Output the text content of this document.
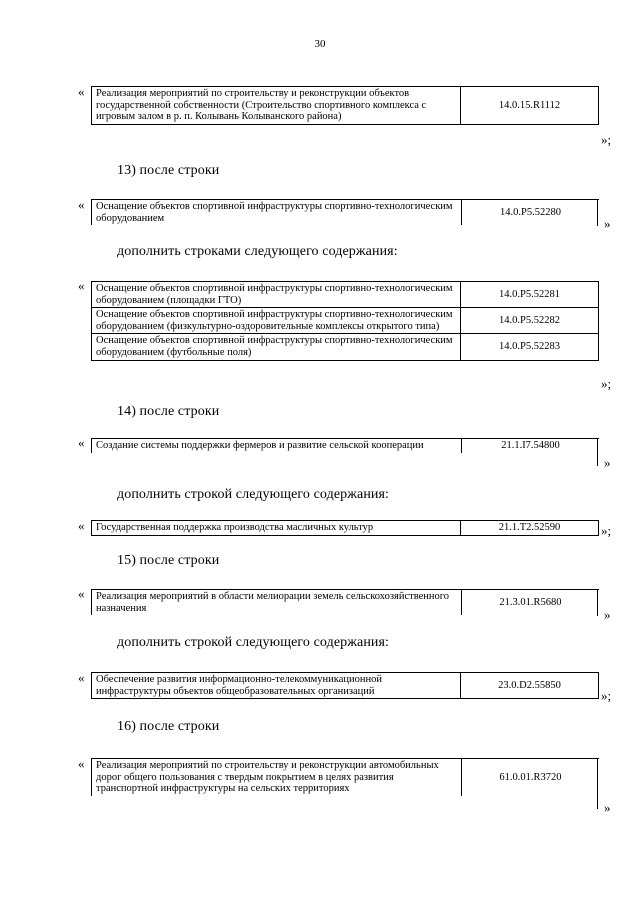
30
« Реализация мероприятий по строительству и реконструкции объектов государственной собственности (Строительство спортивного комплекса с игровым залом в р. п. Колывань Колыванского района)	14.0.15.R1112
»;
13) после строки
« Оснащение объектов спортивной инфраструктуры спортивно-технологическим оборудованием	14.0.P5.52280
»
дополнить строками следующего содержания:
« Оснащение объектов спортивной инфраструктуры спортивно-технологическим оборудованием (площадки ГТО)	14.0.P5.52281
Оснащение объектов спортивной инфраструктуры спортивно-технологическим оборудованием (физкультурно-оздоровительные комплексы открытого типа)	14.0.P5.52282
Оснащение объектов спортивной инфраструктуры спортивно-технологическим оборудованием (футбольные поля)	14.0.P5.52283
»;
14) после строки
« Создание системы поддержки фермеров и развитие сельской кооперации	21.1.I7.54800
»
дополнить строкой следующего содержания:
« Государственная поддержка производства масличных культур	21.1.T2.52590	»;
15) после строки
« Реализация мероприятий в области мелиорации земель сельскохозяйственного назначения	21.3.01.R5680
»
дополнить строкой следующего содержания:
« Обеспечение развития информационно-телекоммуникационной инфраструктуры объектов общеобразовательных организаций	23.0.D2.55850
»;
16) после строки
« Реализация мероприятий по строительству и реконструкции автомобильных дорог общего пользования с твердым покрытием в целях развития транспортной инфраструктуры на сельских территориях	61.0.01.R3720
»
